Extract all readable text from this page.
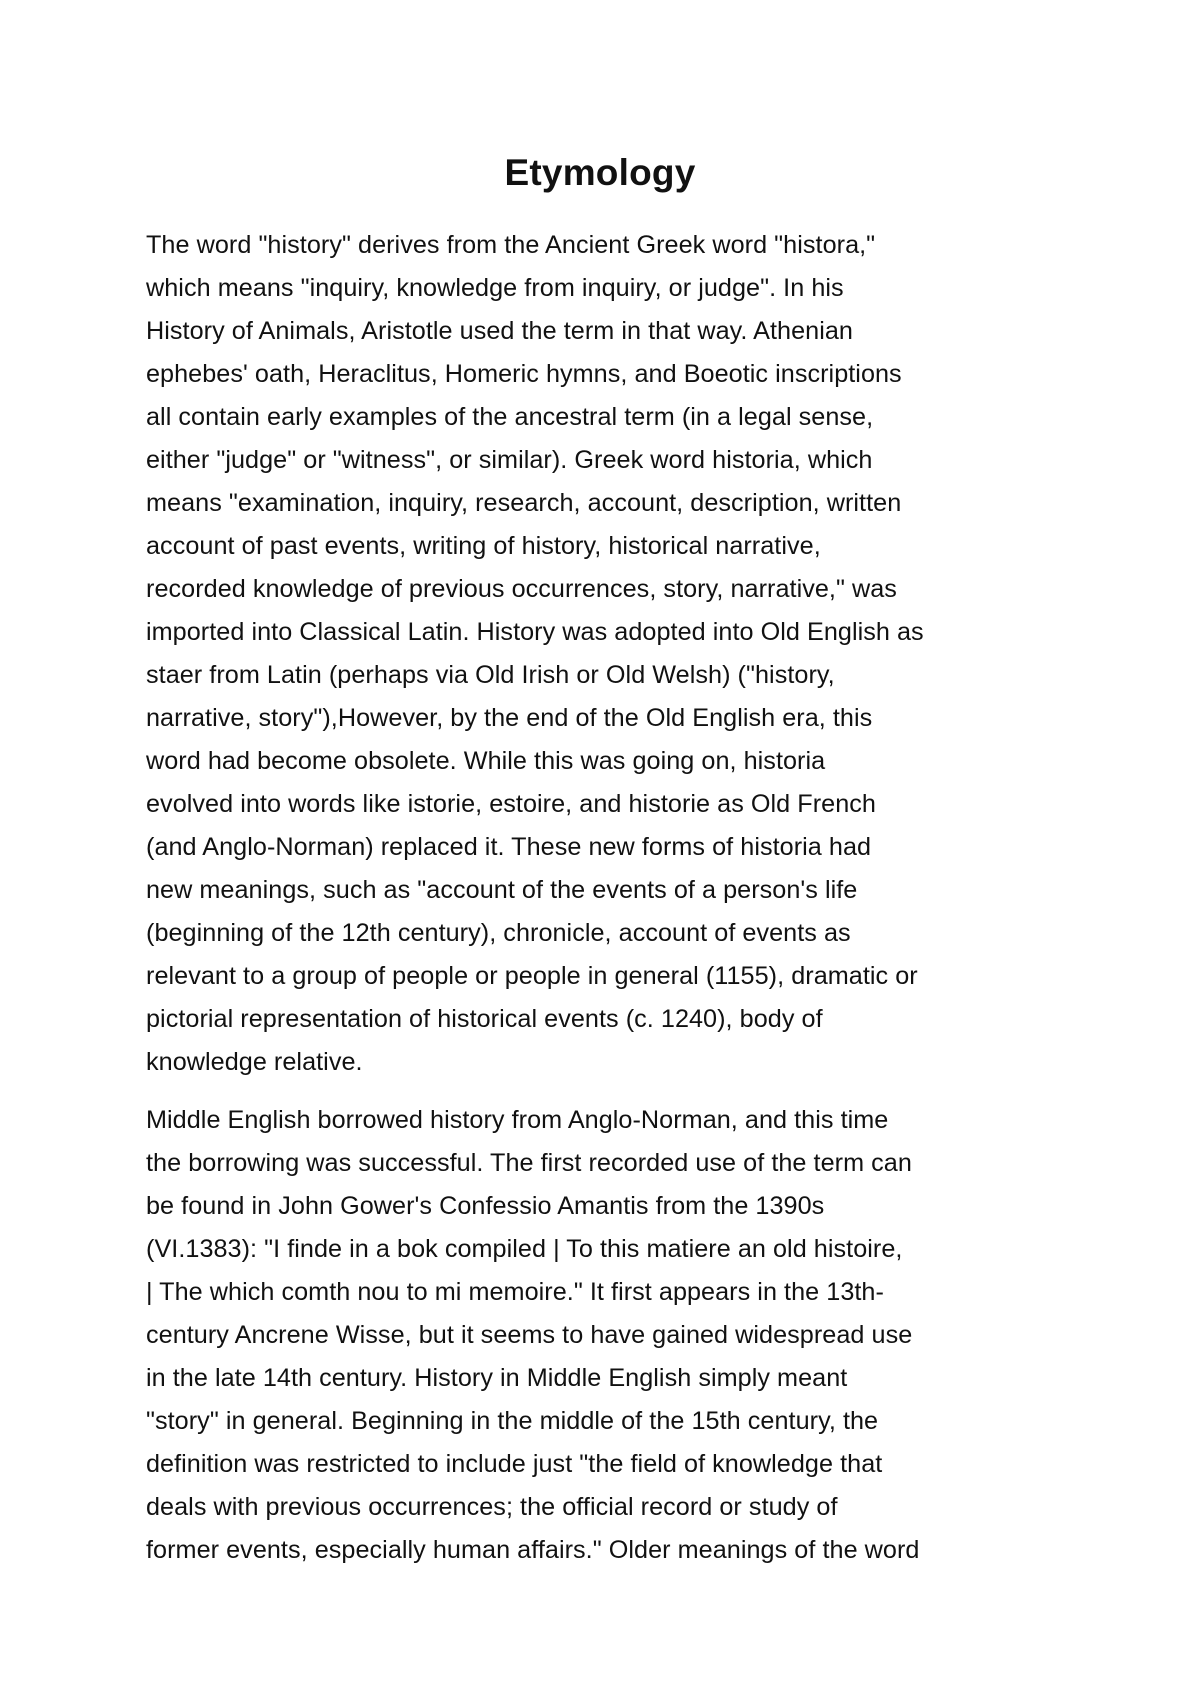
Etymology

The word "history" derives from the Ancient Greek word "historа,"
which means "inquiry, knowledge from inquiry, or judge". In his
History of Animals, Aristotle used the term in that way. Athenian
ephebes' oath, Heraclitus, Homeric hymns, and Boeotic inscriptions
all contain early examples of the ancestral term (in a legal sense,
either "judge" or "witness", or similar). Greek word historia, which
means "examination, inquiry, research, account, description, written
account of past events, writing of history, historical narrative,
recorded knowledge of previous occurrences, story, narrative," was
imported into Classical Latin. History was adopted into Old English as
staer from Latin (perhaps via Old Irish or Old Welsh) ("history,
narrative, story"),However, by the end of the Old English era, this
word had become obsolete. While this was going on, historia
evolved into words like istorie, estoire, and historie as Old French
(and Anglo-Norman) replaced it. These new forms of historia had
new meanings, such as "account of the events of a person's life
(beginning of the 12th century), chronicle, account of events as
relevant to a group of people or people in general (1155), dramatic or
pictorial representation of historical events (c. 1240), body of
knowledge relative.

Middle English borrowed history from Anglo-Norman, and this time
the borrowing was successful. The first recorded use of the term can
be found in John Gower's Confessio Amantis from the 1390s
(VI.1383): "I finde in a bok compiled | To this matiere an old histoire,
| The which comth nou to mi memoire." It first appears in the 13th-
century Ancrene Wisse, but it seems to have gained widespread use
in the late 14th century. History in Middle English simply meant
"story" in general. Beginning in the middle of the 15th century, the
definition was restricted to include just "the field of knowledge that
deals with previous occurrences; the official record or study of
former events, especially human affairs." Older meanings of the word
